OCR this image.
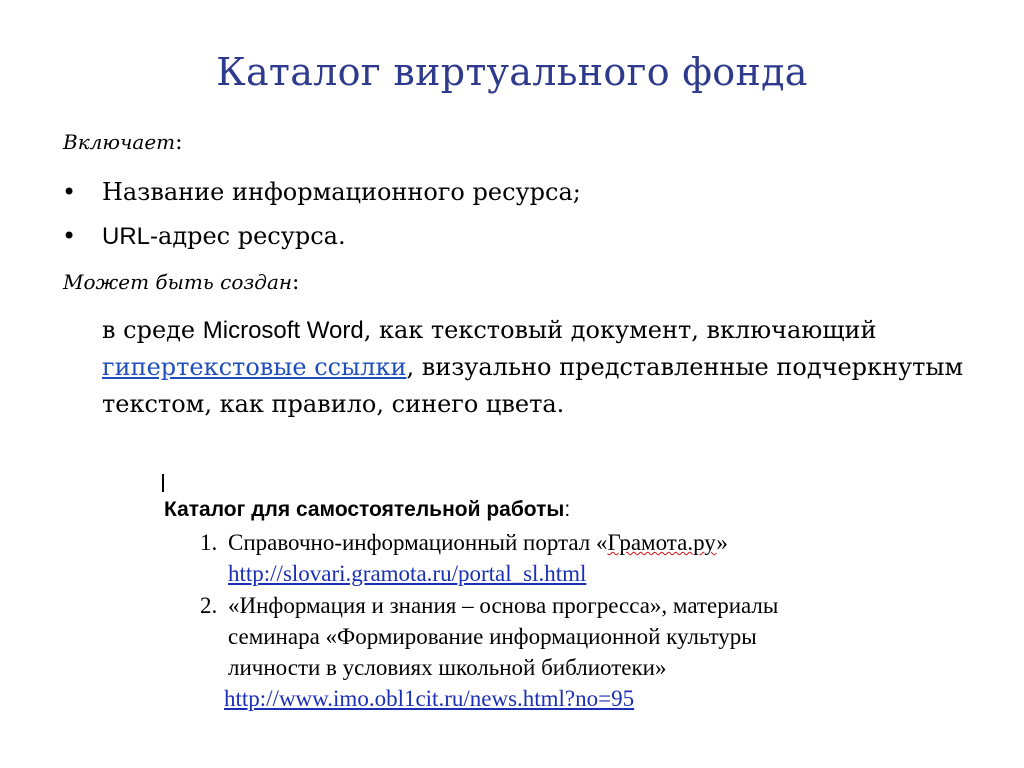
Каталог виртуального фонда
Включает:
• Название информационного ресурса;
• URL-адрес ресурса.
Может быть создан:
в среде Microsoft Word, как текстовый документ, включающий гипертекстовые ссылки, визуально представленные подчеркнутым текстом, как правило, синего цвета.
Каталог для самостоятельной работы:
1. Справочно-информационный портал «Грамота.ру»
http://slovari.gramota.ru/portal_sl.html
2. «Информация и знания – основа прогресса», материалы
семинара «Формирование информационной культуры
личности в условиях школьной библиотеки»
http://www.imo.obl1cit.ru/news.html?no=95
